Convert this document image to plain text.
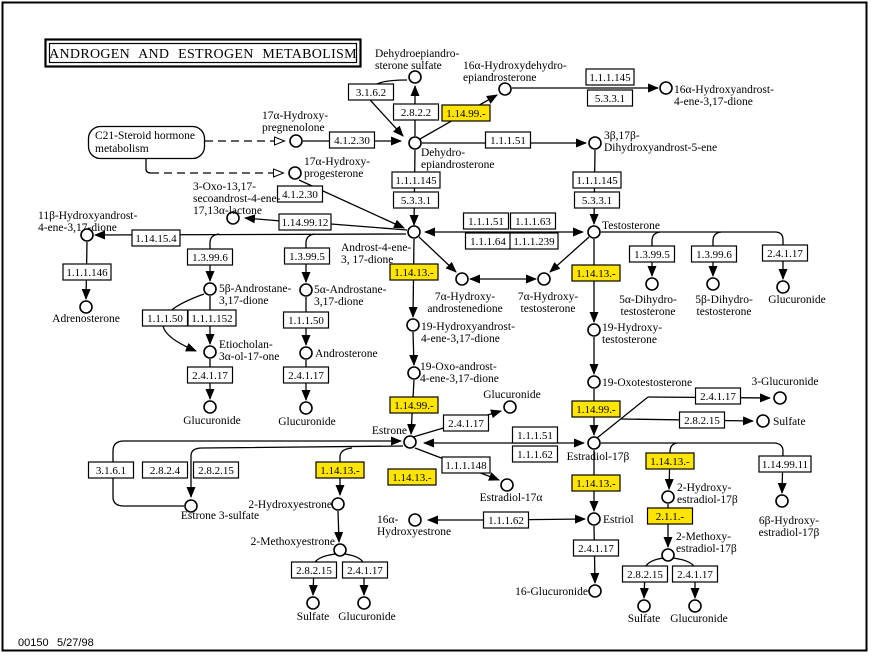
3.1.6.2
2.8.2.2 1.14.99.-
1.1.1.145
5.3.3.1
4.1.2.30	1.1.1.51
1.1.1.145
5.3.3.1
1.1.1.145
5.3.3.1
1.14.99.12
4.1.2.30
1.14.15.4
1.1.1.51 1.1.1.63
1.1.1.64 1.1.1.239
1.3.99.6	1.3.99.5
1.14.13.-	1.14.13.-
1.3.99.5 1.3.99.6	2.4.1.17
1.1.1.146
1.1.1.50 1.1.1.152	1.1.1.50
2.4.1.17	2.4.1.17
1.14.99.-	1.14.99.-
2.4.1.17
2.8.2.15
2.4.1.17
3.1.6.1 2.8.2.4 2.8.2.15
1.1.1.51
1.1.1.62
1.1.1.148
1.14.13.-
1.14.13.-	1.14.13.-
1.14.13.-	1.14.99.11
1.1.1.62	2.1.1.-
2.4.1.17
2.8.2.15 2.4.1.17	2.8.2.15 2.4.1.17
Dehydroepiandro-sterone sulfate	16α-Hydroxydehydro-epiandrosterone
16α-Hydroxyandrost-4-ene-3,17-dione
17α-Hydroxy-pregnenolone
Dehydro-epiandrosterone
3β,17β-Dihydroxyandrost-5-ene
17α-Hydroxy-progesterone
3-Oxo-13,17-secoandrost-4-ene-17,13α-lactone
11β-Hydroxyandrost-4-ene-3,17-dione
Androst-4-ene-3, 17-dione
Testosterone
7α-Hydroxy-androstenedione
7α-Hydroxy-testosterone
5β-Androstane-3,17-dione
5α-Androstane-3,17-dione	5α-Dihydro-testosterone
5β-Dihydro-testosterone
Glucuronide
Adrenosterone
19-Hydroxyandrost-4-ene-3,17-dione
19-Hydroxy-testosterone
Etiocholan-3α-ol-17-one	Androsterone
19-Oxo-androst-4-ene-3,17-dione	19-Oxotestosterone	3-Glucuronide
Glucuronide	Glucuronide
Glucuronide
Sulfate
Estrone
Estradiol-17β
2-Hydroxyestrone
Estradiol-17α
2-Hydroxy-estradiol-17β
6β-Hydroxy-estradiol-17β
Estrone 3-sulfate	16α-Hydroxyestrone
Estriol
2-Methoxyestrone	2-Methoxy-estradiol-17β
16-Glucuronide
Sulfate Glucuronide	Sulfate Glucuronide
ANDROGEN AND ESTROGEN METABOLISM
C21-Steroid hormone
metabolism
00150 5/27/98
